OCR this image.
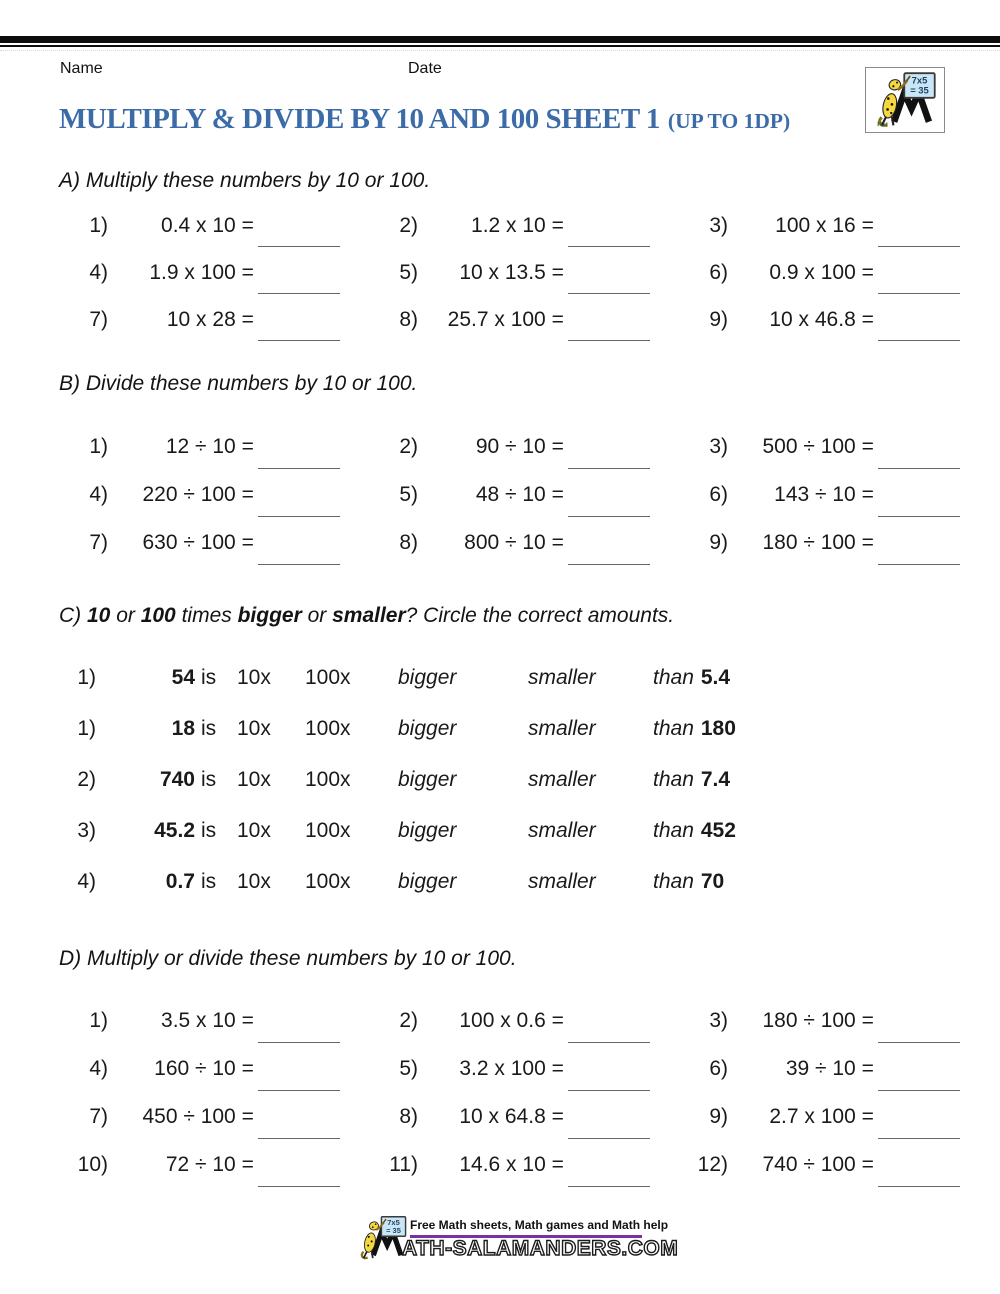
Name	Date
7x5
= 35
MULTIPLY & DIVIDE BY 10 AND 100 SHEET 1 (UP TO 1DP)
A) Multiply these numbers by 10 or 100.
1)	0.4 x 10 =	2)	1.2 x 10 =	3) 100 x 16 =
4) 1.9 x 100 =	5) 10 x 13.5 =	6) 0.9 x 100 =
7)	10 x 28 =	8) 25.7 x 100 =	9) 10 x 46.8 =
B) Divide these numbers by 10 or 100.
1)	12 ÷ 10 =	2)	90 ÷ 10 =	3) 500 ÷ 100 =
4) 220 ÷ 100 =	5)	48 ÷ 10 =	6) 143 ÷ 10 =
7) 630 ÷ 100 =	8) 800 ÷ 10 =	9) 180 ÷ 100 =
C) 10 or 100 times bigger or smaller? Circle the correct amounts.
1)	54 is 10x 100x bigger	smaller	than 5.4
1)	18 is 10x 100x bigger	smaller	than 180
2)	740 is 10x 100x bigger	smaller	than 7.4
3)	45.2 is 10x 100x bigger	smaller	than 452
4)	0.7 is 10x 100x bigger	smaller	than 70
D) Multiply or divide these numbers by 10 or 100.
1)	3.5 x 10 =	2) 100 x 0.6 =	3) 180 ÷ 100 =
4) 160 ÷ 10 =	5) 3.2 x 100 =	6)	39 ÷ 10 =
7) 450 ÷ 100 =	8) 10 x 64.8 =	9) 2.7 x 100 =
10)	72 ÷ 10 =	11) 14.6 x 10 =	12) 740 ÷ 100 =
7x5
= 35 Free Math sheets, Math games and Math help
ATH-SALAMANDERS.COM
